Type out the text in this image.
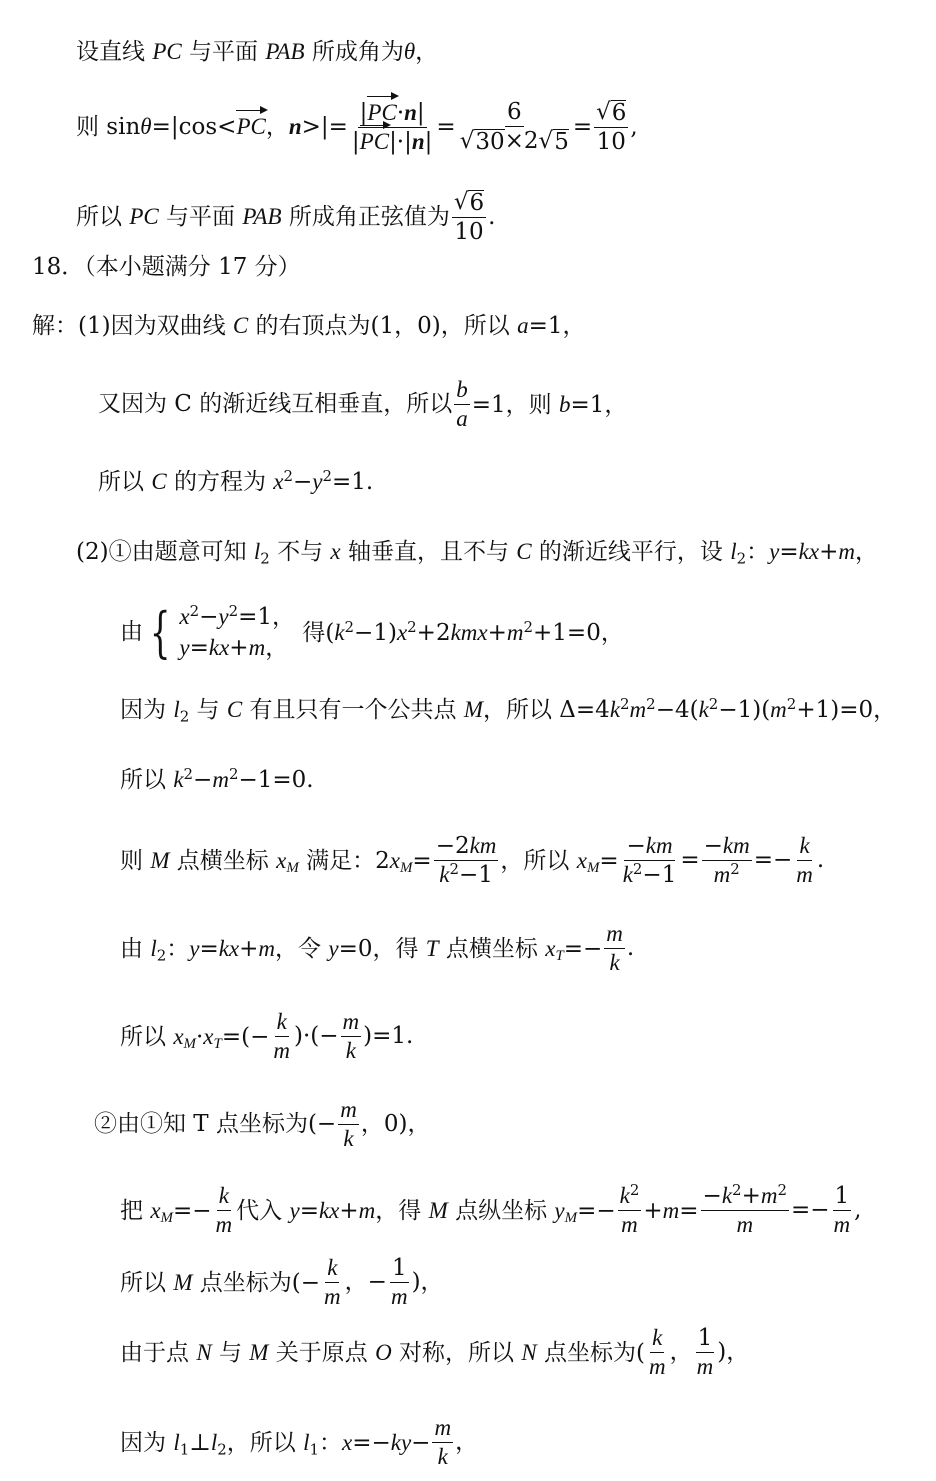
设直线 PC 与平面 PAB 所成角为θ，
则 sinθ=|cos<PC，$n>|= \frac{|PC\cdot n|}{|PC|\cdot|n|} = \frac{6}{√ 30 \times 2 √ 5} = \frac{√ 6}{10}$ ,
所以 PC 与平面 PAB 所成角正弦值为 $\frac{√ 6}{10}$ .
18．（本小题满分 17 分）
解：(1)因为双曲线 C 的右顶点为(1，0)，所以 a=1，
又因为 C 的渐近线互相垂直，所以 $\frac{b}{a} =1$，则 b=1，
所以 C 的方程为 $x^2-y^2=1$.
(2)①由题意可知 $l_2$ 不与 x 轴垂直，且不与 C 的渐近线平行，设 $l_2$：y=kx+m，
由 { $x^2-y^2=1$，
y=kx+m，
得$(k^2-1)x^2+2kmx+m^2+1=0$，
因为 $l_2$ 与 C 有且只有一个公共点 M，所以 $\Delta=4k^2m^2-4(k^2-1)(m^2+1)=0$，
所以 $k^2-m^2-1=0$.
则 M 点横坐标 $x_M$ 满足：$2x_M= \frac{-2km}{k^2-1}$ ，所以 $x_M= \frac{-km}{k^2-1} = \frac{-km}{m^2} =- \frac{k}{m}$ .
由 $l_2$：y=kx+m，令 y=0，得 T 点横坐标 $x_T=- \frac{m}{k}$ .
所以 $x_M\cdot x_T=(- \frac{k}{m}$ )·(− $\frac{m}{k} )=1$.
②由①知 T 点坐标为(− $\frac{m}{k}$ ，0)，
把 $x_M=- \frac{k}{m}$ 代入 y=kx+m，得 M 点纵坐标 $y_M=- \frac{k^2}{m} +m= \frac{-k^2+m^2}{m} =- \frac{1}{m}$ ,
所以 M 点坐标为(− $\frac{k}{m}$ ，− $\frac{1}{m}$ )，
由于点 N 与 M 关于原点 O 对称，所以 N 点坐标为( $\frac{k}{m}$ ， $\frac{1}{m}$ )，
因为 $l_1\perp l_2$，所以 $l_1$：$x=-ky- \frac{m}{k}$ ，
